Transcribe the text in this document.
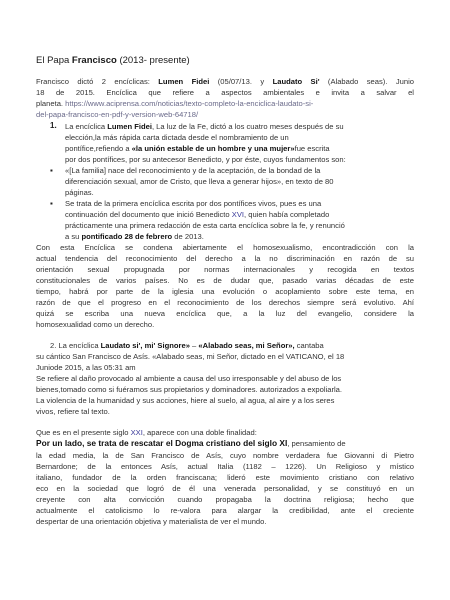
El Papa Francisco (2013- presente)
Francisco dictó 2 encíclicas: Lumen Fidei (05/07/13. y Laudato Si' (Alabado seas). Junio
18 de 2015. Encíclica que refiere a aspectos ambientales e invita a salvar el
planeta. https://www.aciprensa.com/noticias/texto-completo-la-enciclica-laudato-si-
del-papa-francisco-en-pdf-y-version-web-64718/
1. La encíclica Lumen Fidei, La luz de la Fe, dictó a los cuatro meses después de su
elección,la más rápida carta dictada desde el nombramiento de un
pontífice,refiendo a «la unión estable de un hombre y una mujer»fue escrita
por dos pontífices, por su antecesor Benedicto, y por éste, cuyos fundamentos son:
▪ «[La familia] nace del reconocimiento y de la aceptación, de la bondad de la
diferenciación sexual, amor de Cristo, que lleva a generar hijos», en texto de 80
páginas.
▪ Se trata de la primera encíclica escrita por dos pontífices vivos, pues es una
continuación del documento que inició Benedicto XVI, quien había completado
prácticamente una primera redacción de esta carta encíclica sobre la fe, y renunció
a su pontificado 28 de febrero de 2013.
Con esta Encíclica se condena abiertamente el homosexualismo, encontradicción con la
actual tendencia del reconocimiento del derecho a la no discriminación en razón de su
orientación sexual propugnada por normas internacionales y recogida en textos
constitucionales de varios países. No es de dudar que, pasado varias décadas de este
tiempo, habrá por parte de la iglesia una evolución o acoplamiento sobre este tema, en
razón de que el progreso en el reconocimiento de los derechos siempre será evolutivo. Ahí
quizá se escriba una nueva encíclica que, a la luz del evangelio, considere la
homosexualidad como un derecho.
2. La encíclica Laudato si', mi' Signore» – «Alabado seas, mi Señor», cantaba
su cántico San Francisco de Asís. «Alabado seas, mi Señor, dictado en el VATICANO, el 18
Juniode 2015, a las 05:31 am
Se refiere al daño provocado al ambiente a causa del uso irresponsable y del abuso de los
bienes,tomado como si fuéramos sus propietarios y dominadores. autorizados a expoliarla.
La violencia de la humanidad y sus acciones, hiere al suelo, al agua, al aire y a los seres
vivos, refiere tal texto.
Que es en el presente siglo XXI, aparece con una doble finalidad:
Por un lado, se trata de rescatar el Dogma cristiano del siglo XI, pensamiento de
la edad media, la de San Francisco de Asís, cuyo nombre verdadera fue Giovanni di Pietro
Bernardone; de la entonces Asís, actual Italia (1182 – 1226). Un Religioso y místico
italiano, fundador de la orden franciscana; lideró este movimiento cristiano con relativo
eco en la sociedad que logró de él una venerada personalidad, y se constituyó en un
creyente con alta convicción cuando propagaba la doctrina religiosa; hecho que
actualmente el catolicismo lo re-valora para alargar la credibilidad, ante el creciente
despertar de una orientación objetiva y materialista de ver el mundo.
